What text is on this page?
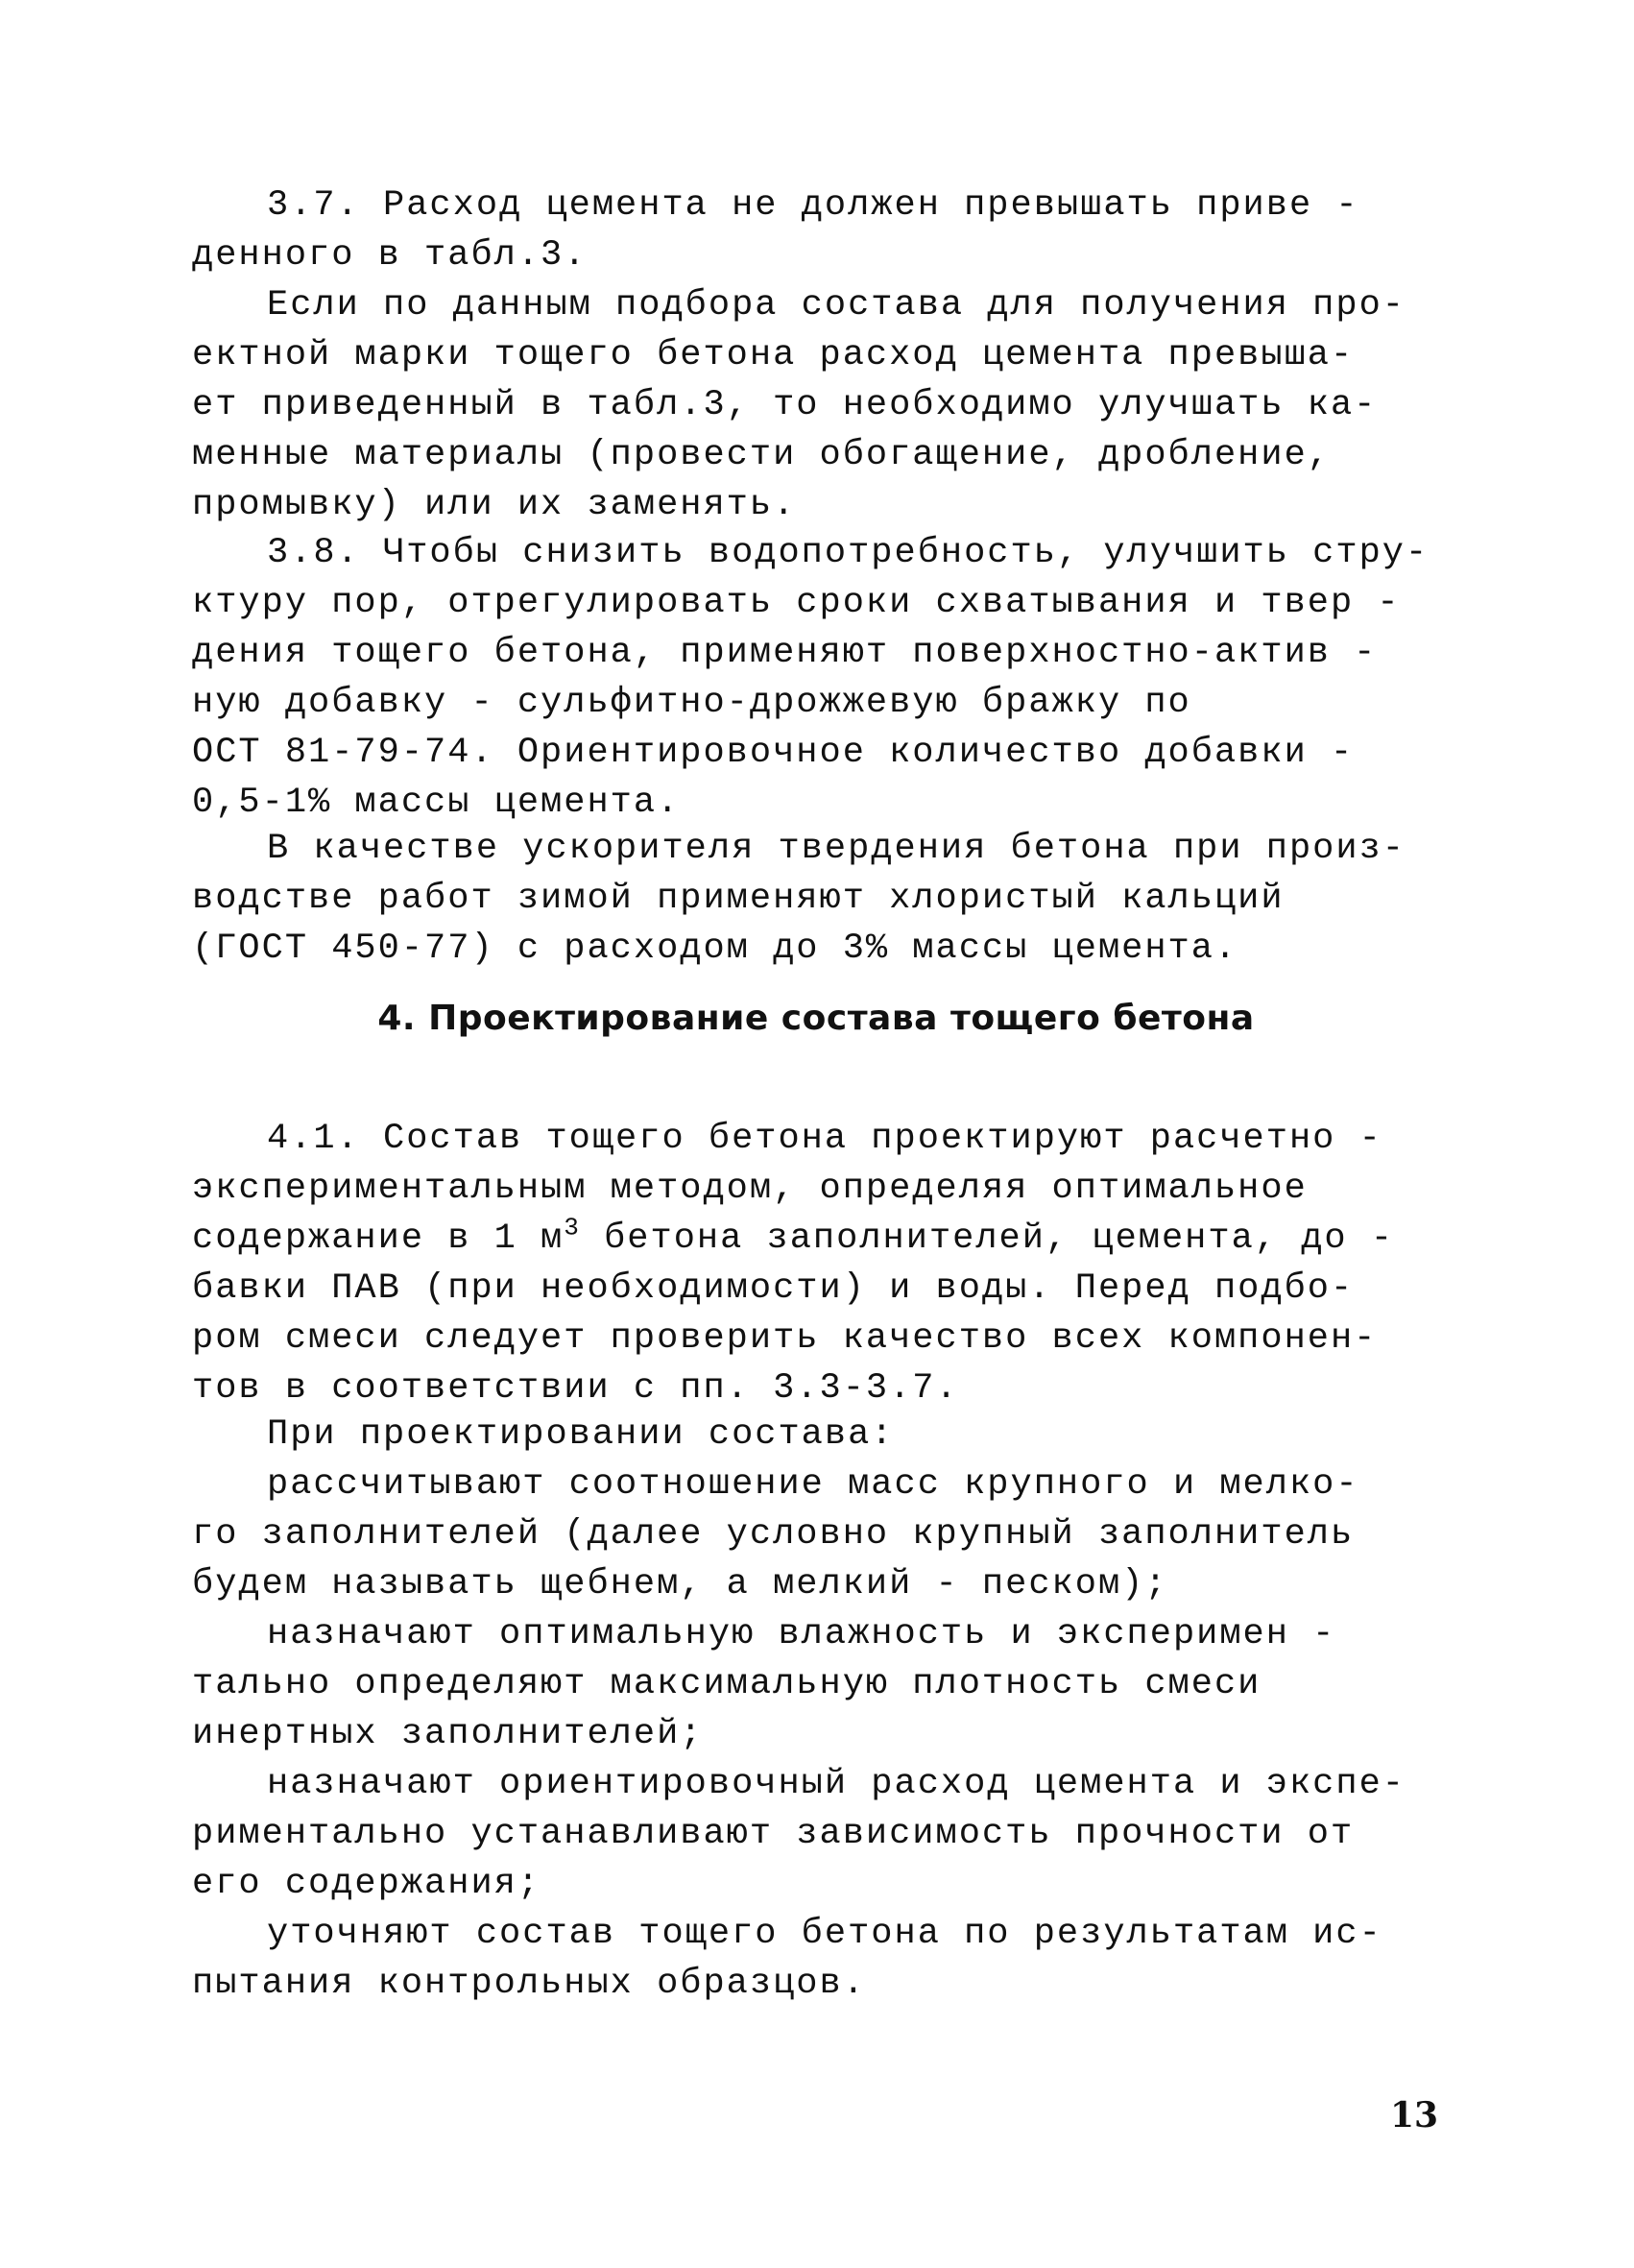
3.7. Расход цемента не должен превышать приве -
денного в табл.3.
Если по данным подбора состава для получения про-
ектной марки тощего бетона расход цемента превыша-
ет приведенный в табл.3, то необходимо улучшать ка-
менные материалы (провести обогащение, дробление,
промывку) или их заменять.
3.8. Чтобы снизить водопотребность, улучшить стру-
ктуру пор, отрегулировать сроки схватывания и твер -
дения тощего бетона, применяют поверхностно-актив -
ную добавку - сульфитно-дрожжевую бражку по
ОСТ 81-79-74. Ориентировочное количество добавки -
0,5-1% массы цемента.
В качестве ускорителя твердения бетона при произ-
водстве работ зимой применяют хлористый кальций
(ГОСТ 450-77) с расходом до 3% массы цемента.
4. Проектирование состава тощего бетона
4.1. Состав тощего бетона проектируют расчетно -
экспериментальным методом, определяя оптимальное
содержание в 1 $м^3$ бетона заполнителей, цемента, до -
бавки ПАВ (при необходимости) и воды. Перед подбо-
ром смеси следует проверить качество всех компонен-
тов в соответствии с пп. 3.3-3.7.
При проектировании состава:
рассчитывают соотношение масс крупного и мелко-
го заполнителей (далее условно крупный заполнитель
будем называть щебнем, а мелкий - песком);
назначают оптимальную влажность и эксперимен -
тально определяют максимальную плотность смеси
инертных заполнителей;
назначают ориентировочный расход цемента и экспе-
риментально устанавливают зависимость прочности от
его содержания;
уточняют состав тощего бетона по результатам ис-
пытания контрольных образцов.
13
